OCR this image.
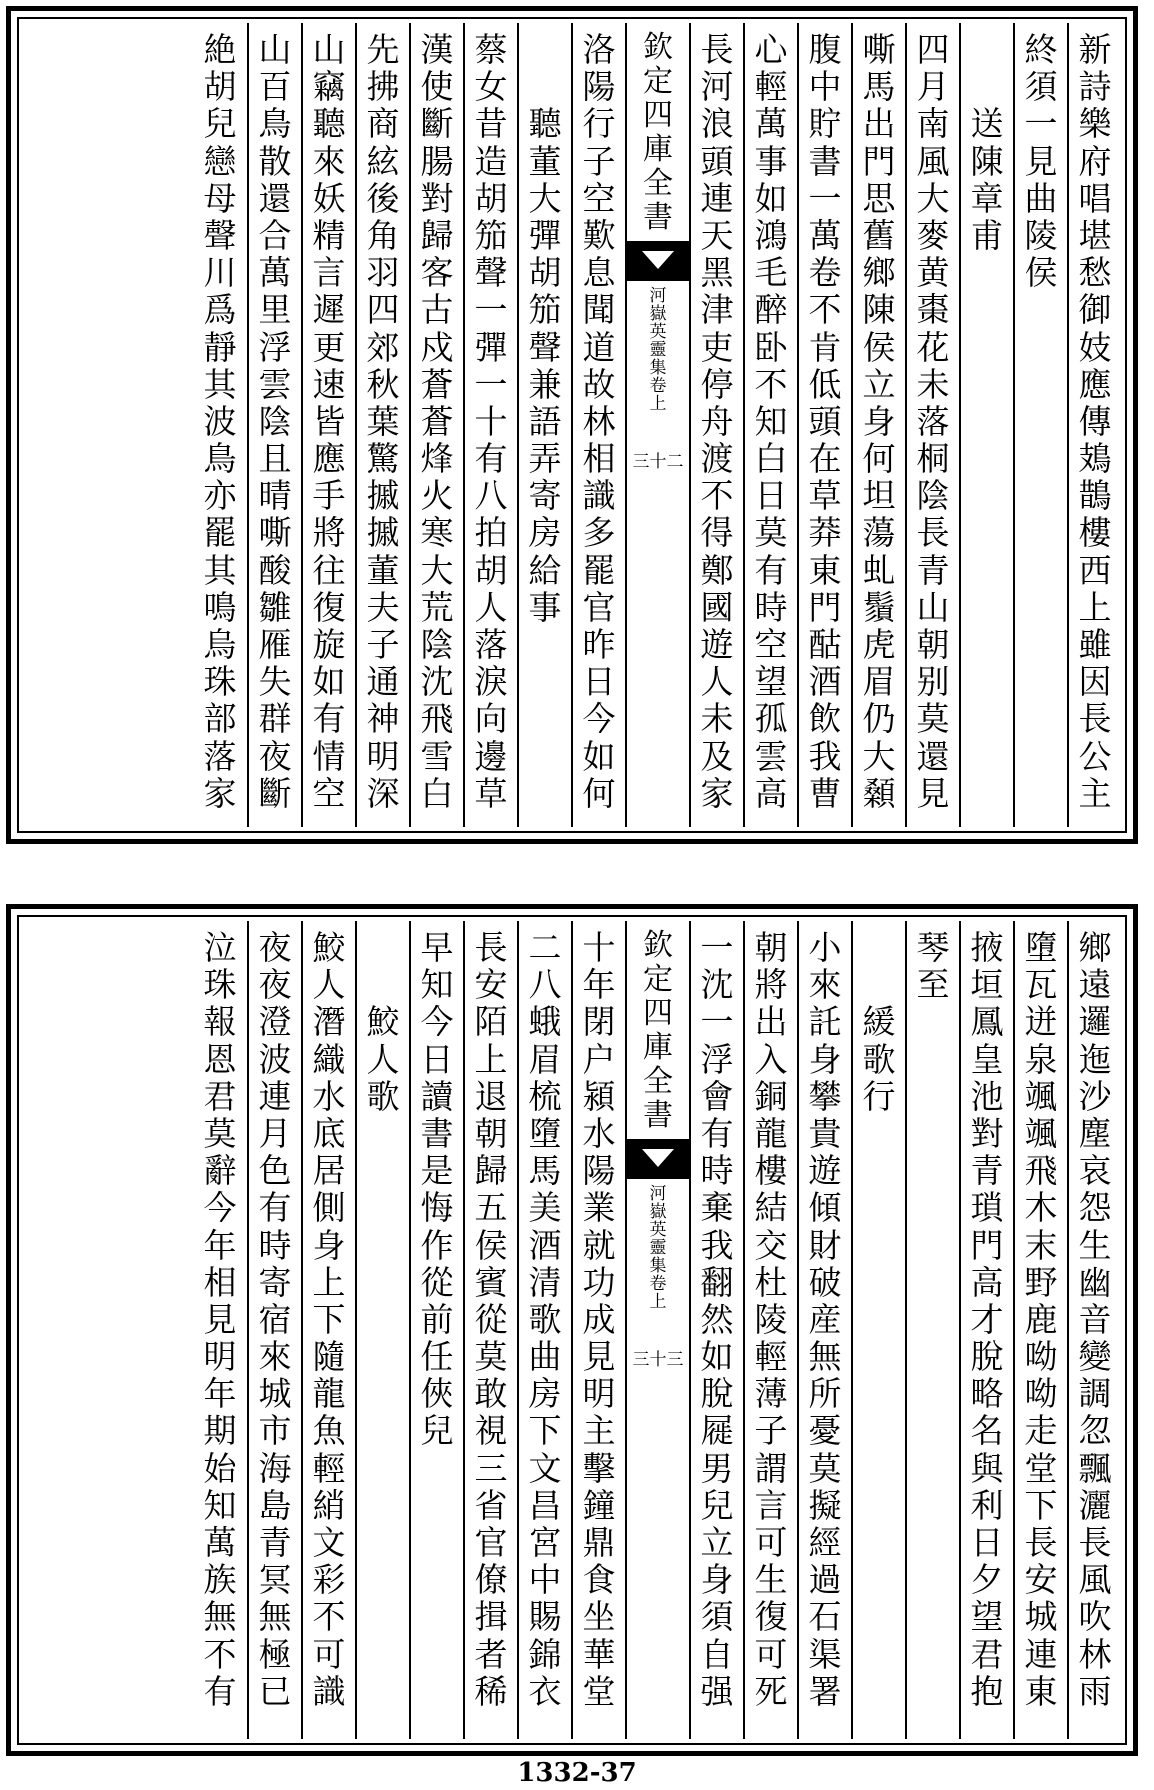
新
詩
樂
府
唱
堪
愁
御
妓
應
傳
鳷
鵲
樓
西
上
雖
因
長
公
主
終
須
一
見
曲
陵
侯
送
陳
章
甫
四
月
南
風
大
麥
黄
棗
花
未
落
桐
陰
長
青
山
朝
别
莫
還
見
嘶
馬
出
門
思
舊
鄉
陳
侯
立
身
何
坦
蕩
虬
鬚
虎
眉
仍
大
顙
腹
中
貯
書
一
萬
卷
不
肯
低
頭
在
草
莽
東
門
酤
酒
飲
我
曹
心
輕
萬
事
如
鴻
毛
醉
卧
不
知
白
日
莫
有
時
空
望
孤
雲
高
長
河
浪
頭
連
天
黑
津
吏
停
舟
渡
不
得
鄭
國
遊
人
未
及
家
欽
定
四
庫
全
書
河
嶽
英
靈
集
卷
上
三十二
洛
陽
行
子
空
歎
息
聞
道
故
林
相
識
多
罷
官
昨
日
今
如
何
聽
董
大
彈
胡
笳
聲
兼
語
弄
寄
房
給
事
蔡
女
昔
造
胡
笳
聲
一
彈
一
十
有
八
拍
胡
人
落
淚
向
邊
草
漢
使
斷
腸
對
歸
客
古
戍
蒼
蒼
烽
火
寒
大
荒
陰
沈
飛
雪
白
先
拂
商
絃
後
角
羽
四
郊
秋
葉
驚
摵
摵
董
夫
子
通
神
明
深
山
竊
聽
來
妖
精
言
遲
更
速
皆
應
手
將
往
復
旋
如
有
情
空
山
百
鳥
散
還
合
萬
里
浮
雲
陰
且
晴
嘶
酸
雛
雁
失
群
夜
斷
絶
胡
兒
戀
母
聲
川
爲
靜
其
波
鳥
亦
罷
其
鳴
烏
珠
部
落
家
鄉
遠
邏
迤
沙
塵
哀
怨
生
幽
音
變
調
忽
飄
灑
長
風
吹
林
雨
墮
瓦
迸
泉
颯
颯
飛
木
末
野
鹿
呦
呦
走
堂
下
長
安
城
連
東
掖
垣
鳳
皇
池
對
青
瑣
門
高
才
脫
略
名
與
利
日
夕
望
君
抱
琴
至
緩
歌
行
小
來
託
身
攀
貴
遊
傾
財
破
産
無
所
憂
莫
擬
經
過
石
渠
署
朝
將
出
入
銅
龍
樓
結
交
杜
陵
輕
薄
子
謂
言
可
生
復
可
死
一
沈
一
浮
會
有
時
棄
我
翻
然
如
脫
屣
男
兒
立
身
須
自
强
欽
定
四
庫
全
書
河
嶽
英
靈
集
卷
上
三十三
十
年
閉
户
潁
水
陽
業
就
功
成
見
明
主
擊
鐘
鼎
食
坐
華
堂
二
八
蛾
眉
梳
墮
馬
美
酒
清
歌
曲
房
下
文
昌
宮
中
賜
錦
衣
長
安
陌
上
退
朝
歸
五
侯
賓
從
莫
敢
視
三
省
官
僚
揖
者
稀
早
知
今
日
讀
書
是
悔
作
從
前
任
俠
兒
鮫
人
歌
鮫
人
潛
織
水
底
居
側
身
上
下
隨
龍
魚
輕
綃
文
彩
不
可
識
夜
夜
澄
波
連
月
色
有
時
寄
宿
來
城
市
海
島
青
冥
無
極
已
泣
珠
報
恩
君
莫
辭
今
年
相
見
明
年
期
始
知
萬
族
無
不
有
1332-37
